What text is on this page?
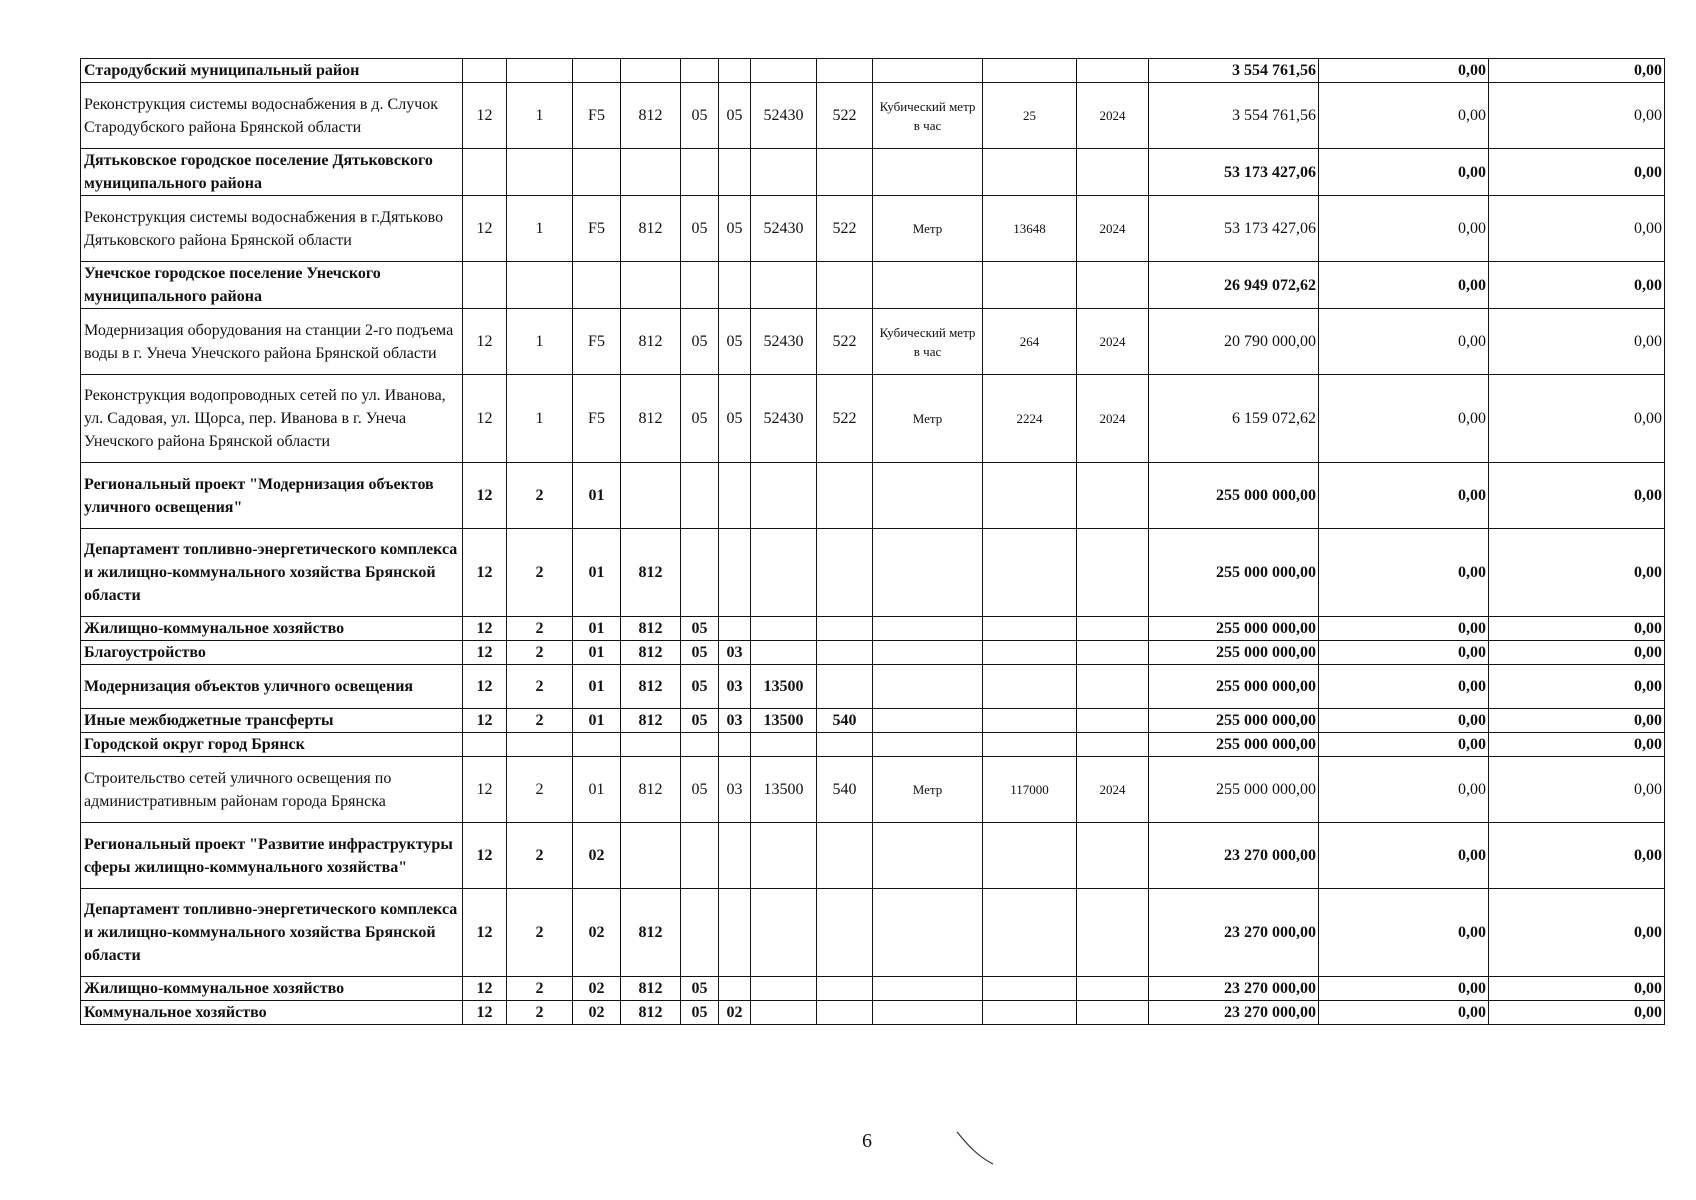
Стародубский муниципальный район												3 554 761,56	0,00	0,00
Реконструкция системы водоснабжения в д. Случок Стародубского района Брянской области	12	1	F5	812	05	05	52430	522	Кубический метр в час	25	2024	3 554 761,56	0,00	0,00
Дятьковское городское поселение Дятьковского муниципального района												53 173 427,06	0,00	0,00
Реконструкция системы водоснабжения в г.Дятьково Дятьковского района Брянской области	12	1	F5	812	05	05	52430	522	Метр	13648	2024	53 173 427,06	0,00	0,00
Унечское городское поселение Унечского муниципального района												26 949 072,62	0,00	0,00
Модернизация оборудования на станции 2-го подъема воды в г. Унеча Унечского района Брянской области	12	1	F5	812	05	05	52430	522	Кубический метр в час	264	2024	20 790 000,00	0,00	0,00
Реконструкция водопроводных сетей по ул. Иванова, ул. Садовая, ул. Щорса, пер. Иванова в г. Унеча Унечского района Брянской области	12	1	F5	812	05	05	52430	522	Метр	2224	2024	6 159 072,62	0,00	0,00
Региональный проект "Модернизация объектов уличного освещения"	12	2	01									255 000 000,00	0,00	0,00
Департамент топливно-энергетического комплекса и жилищно-коммунального хозяйства Брянской области	12	2	01	812								255 000 000,00	0,00	0,00
Жилищно-коммунальное хозяйство	12	2	01	812	05							255 000 000,00	0,00	0,00
Благоустройство	12	2	01	812	05	03						255 000 000,00	0,00	0,00
Модернизация объектов уличного освещения	12	2	01	812	05	03	13500					255 000 000,00	0,00	0,00
Иные межбюджетные трансферты	12	2	01	812	05	03	13500	540				255 000 000,00	0,00	0,00
Городской округ город Брянск												255 000 000,00	0,00	0,00
Строительство сетей уличного освещения по административным районам города Брянска	12	2	01	812	05	03	13500	540	Метр	117000	2024	255 000 000,00	0,00	0,00
Региональный проект "Развитие инфраструктуры сферы жилищно-коммунального хозяйства"	12	2	02									23 270 000,00	0,00	0,00
Департамент топливно-энергетического комплекса и жилищно-коммунального хозяйства Брянской области	12	2	02	812								23 270 000,00	0,00	0,00
Жилищно-коммунальное хозяйство	12	2	02	812	05							23 270 000,00	0,00	0,00
Коммунальное хозяйство	12	2	02	812	05	02						23 270 000,00	0,00	0,00
6
